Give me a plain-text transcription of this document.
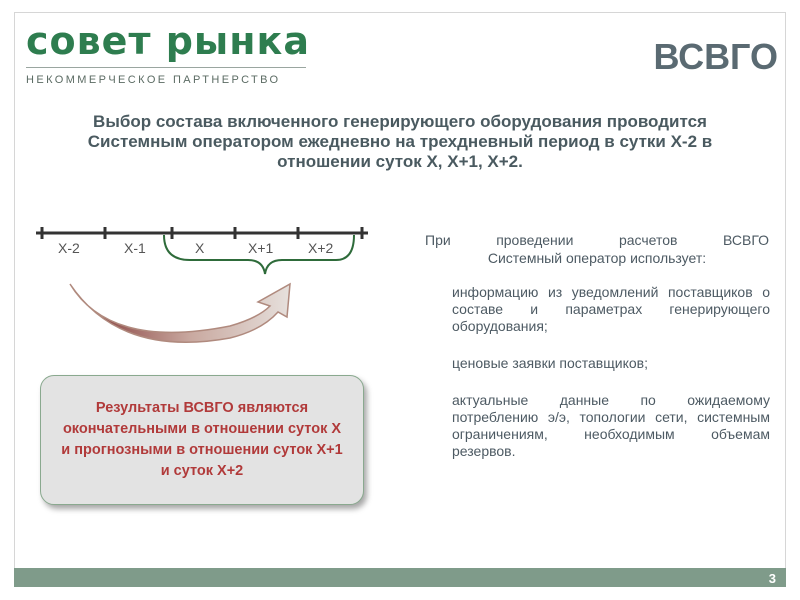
совет рынка
НЕКОММЕРЧЕСКОЕ ПАРТНЕРСТВО
ВСВГО
Выбор состава включенного генерирующего оборудования проводится
Системным оператором ежедневно на трехдневный период в сутки Х-2 в
отношении суток Х, Х+1, Х+2.
Х-2	Х-1	Х	Х+1 Х+2
Результаты ВСВГО являются окончательными в отношении суток Х и прогнозными в отношении суток Х+1 и суток Х+2
При проведении расчетов ВСВГО
Системный оператор использует:
информацию из уведомлений поставщиков о составе и параметрах генерирующего оборудования;
ценовые заявки поставщиков;
актуальные данные по ожидаемому потреблению э/э, топологии сети, системным ограничениям, необходимым объемам резервов.
3
